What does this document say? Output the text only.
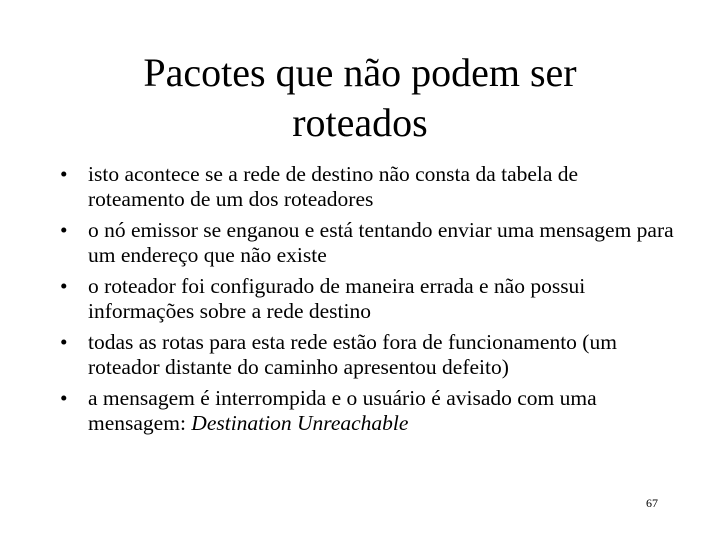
Pacotes que não podem ser
roteados
• isto acontece se a rede de destino não consta da tabela de roteamento de um dos roteadores
• o nó emissor se enganou e está tentando enviar uma mensagem para um endereço que não existe
• o roteador foi configurado de maneira errada e não possui informações sobre a rede destino
• todas as rotas para esta rede estão fora de funcionamento (um roteador distante do caminho apresentou defeito)
• a mensagem é interrompida e o usuário é avisado com uma mensagem: Destination Unreachable
67
